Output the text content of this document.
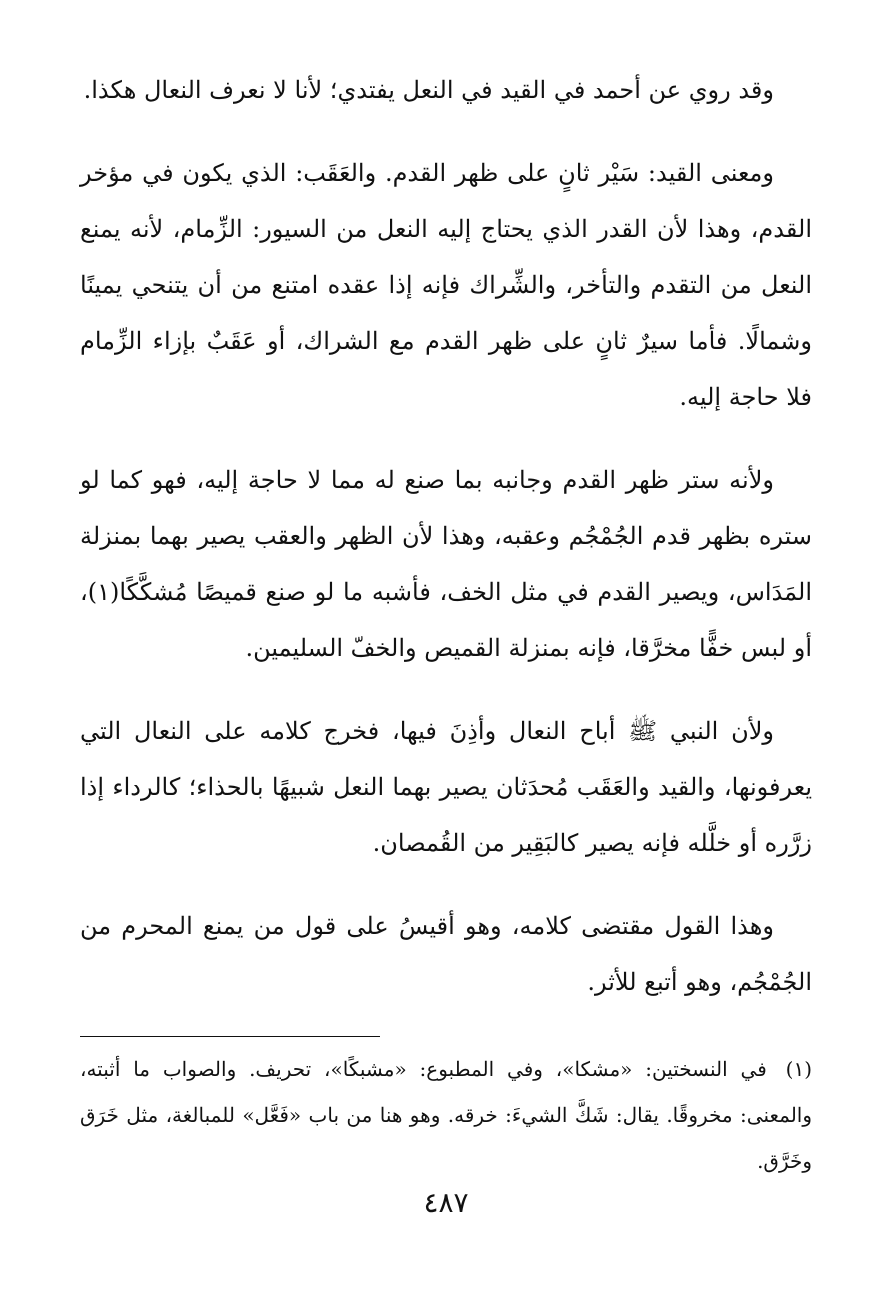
وقد روي عن أحمد في القيد في النعل يفتدي؛ لأنا لا نعرف النعال هكذا.
ومعنى القيد: سَيْر ثانٍ على ظهر القدم. والعَقَب: الذي يكون في مؤخر القدم، وهذا لأن القدر الذي يحتاج إليه النعل من السيور: الزِّمام، لأنه يمنع النعل من التقدم والتأخر، والشِّراك فإنه إذا عقده امتنع من أن يتنحي يمينًا وشمالًا. فأما سيرٌ ثانٍ على ظهر القدم مع الشراك، أو عَقَبٌ بإزاء الزِّمام فلا حاجة إليه.
ولأنه ستر ظهر القدم وجانبه بما صنع له مما لا حاجة إليه، فهو كما لو ستره بظهر قدم الجُمْجُم وعقبه، وهذا لأن الظهر والعقب يصير بهما بمنزلة المَدَاس، ويصير القدم في مثل الخف، فأشبه ما لو صنع قميصًا مُشكَّكًا(١)، أو لبس خفًّا مخرَّقا، فإنه بمنزلة القميص والخفّ السليمين.
ولأن النبي ﷺ أباح النعال وأذِنَ فيها، فخرج كلامه على النعال التي يعرفونها، والقيد والعَقَب مُحدَثان يصير بهما النعل شبيهًا بالحذاء؛ كالرداء إذا زرَّره أو خلَّله فإنه يصير كالبَقِير من القُمصان.
وهذا القول مقتضى كلامه، وهو أقيسُ على قول من يمنع المحرم من الجُمْجُم، وهو أتبع للأثر.
(١) في النسختين: «مشكا»، وفي المطبوع: «مشبكًا»، تحريف. والصواب ما أثبته، والمعنى: مخروقًا. يقال: شَكَّ الشيءَ: خرقه. وهو هنا من باب «فَعَّل» للمبالغة، مثل خَرَق وخَرَّق.
٤٨٧
